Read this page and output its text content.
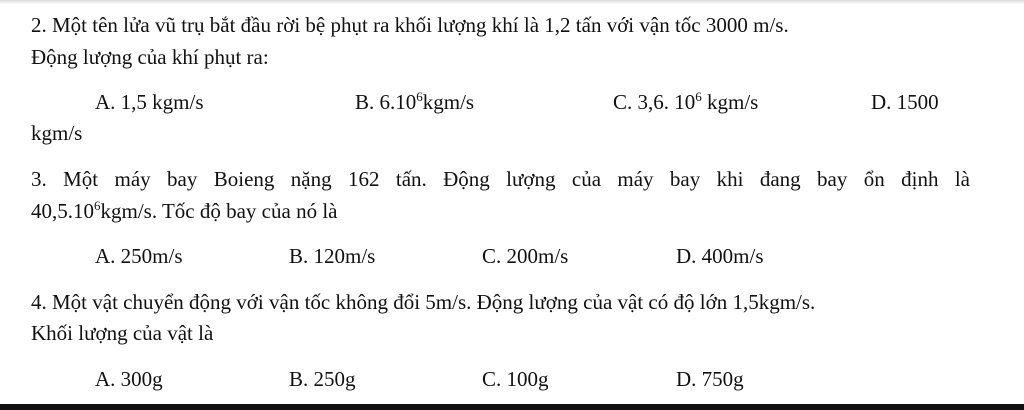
2. Một tên lửa vũ trụ bắt đầu rời bệ phụt ra khối lượng khí là 1,2 tấn với vận tốc 3000 m/s.
Động lượng của khí phụt ra:
A. 1,5 kgm/s	B. 6.10$^6$kgm/s	C. 3,6. $10^6$ kgm/s	D. 1500
kgm/s
3. Một máy bay Boieng nặng 162 tấn. Động lượng của máy bay khi đang bay ổn định là
40,5.10$^6$kgm/s. Tốc độ bay của nó là
A. 250m/s	B. 120m/s	C. 200m/s	D. 400m/s
4. Một vật chuyển động với vận tốc không đổi 5m/s. Động lượng của vật có độ lớn 1,5kgm/s.
Khối lượng của vật là
A. 300g	B. 250g	C. 100g	D. 750g
